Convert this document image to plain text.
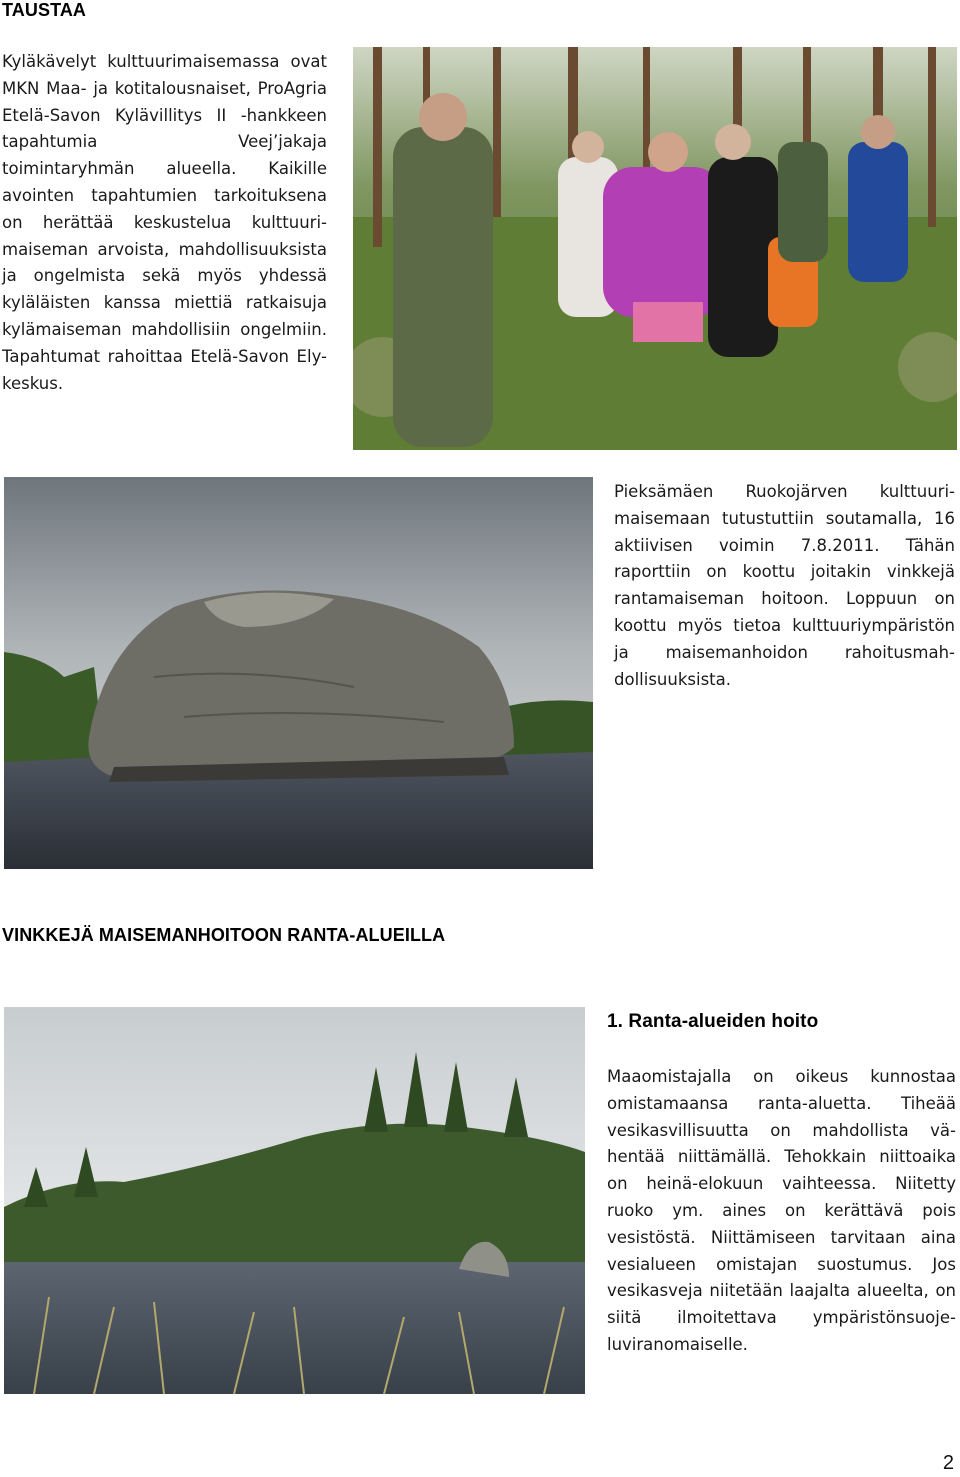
TAUSTAA
Kyläkävelyt kulttuurimaisemassa ovat MKN Maa- ja kotitalousnaiset, ProAgria Etelä-Savon Kylävillitys II -hankkeen tapahtumia Veej’jakaja toimintaryhmän alueella. Kaikille avointen tapahtumien tarkoituksena on herättää keskustelua kulttuurimaiseman arvoista, mahdollisuuksista ja ongelmista sekä myös yhdessä kyläläisten kanssa miettiä ratkaisuja kylämaiseman mahdollisiin ongelmiin. Tapahtumat rahoittaa Etelä-Savon Ely-keskus.
Pieksämäen Ruokojärven kulttuurimaisemaan tutustuttiin soutamalla, 16 aktiivisen voimin 7.8.2011. Tähän raporttiin on koottu joitakin vinkkejä rantamaiseman hoitoon. Loppuun on koottu myös tietoa kulttuuriympäristön ja maisemanhoidon rahoitusmahdollisuuksista.
VINKKEJÄ MAISEMANHOITOON RANTA-ALUEILLA
1. Ranta-alueiden hoito
Maaomistajalla on oikeus kunnostaa omistamaansa ranta-aluetta. Tiheää vesikasvillisuutta on mahdollista vähentää niittämällä. Tehokkain niittoaika on heinä-elokuun vaihteessa. Niitetty ruoko ym. aines on kerättävä pois vesistöstä. Niittämiseen tarvitaan aina vesialueen omistajan suostumus. Jos vesikasveja niitetään laajalta alueelta, on siitä ilmoitettava ympäristönsuojeluviranomaiselle.
2
